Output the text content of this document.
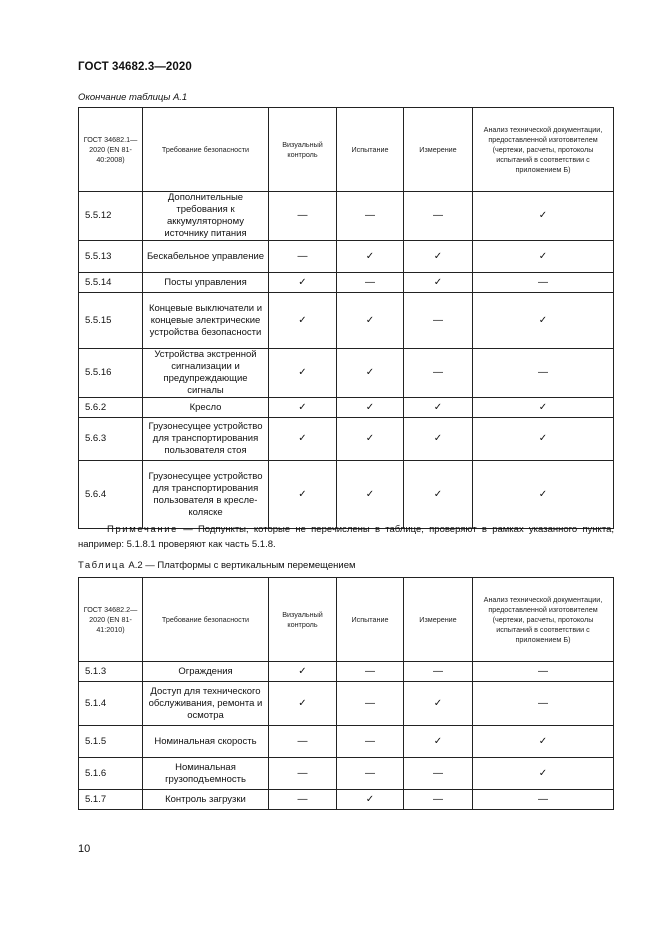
ГОСТ 34682.3—2020
Окончание таблицы А.1
ГОСТ 34682.1— 2020 (EN 81- 40:2008)	Требование безопасности	Визуальный контроль	Испытание	Измерение	Анализ технической документации, предоставленной изготовителем (чертежи, расчеты, протоколы испытаний в соответствии с приложением Б)
5.5.12	Дополнительные требования к аккумуляторному источнику питания	—	—	—	✓
5.5.13	Бескабельное управление	—	✓	✓	✓
5.5.14	Посты управления	✓	—	✓	—
5.5.15	Концевые выключатели и концевые электрические устройства безопасности	✓	✓	—	✓
5.5.16	Устройства экстренной сигнализации и предупреждающие сигналы	✓	✓	—	—
5.6.2	Кресло	✓	✓	✓	✓
5.6.3	Грузонесущее устройство для транспортирования пользователя стоя	✓	✓	✓	✓
5.6.4	Грузонесущее устройство для транспортирования пользователя в кресле-коляске	✓	✓	✓	✓
Примечание — Подпункты, которые не перечислены в таблице, проверяют в рамках указанного пункта, например: 5.1.8.1 проверяют как часть 5.1.8.
Таблица А.2 — Платформы с вертикальным перемещением
ГОСТ 34682.2— 2020 (EN 81- 41:2010)	Требование безопасности	Визуальный контроль	Испытание	Измерение	Анализ технической документации, предоставленной изготовителем (чертежи, расчеты, протоколы испытаний в соответствии с приложением Б)
5.1.3	Ограждения	✓	—	—	—
5.1.4	Доступ для технического обслуживания, ремонта и осмотра	✓	—	✓	—
5.1.5	Номинальная скорость	—	—	✓	✓
5.1.6	Номинальная грузоподъемность	—	—	—	✓
5.1.7	Контроль загрузки	—	✓	—	—
10
